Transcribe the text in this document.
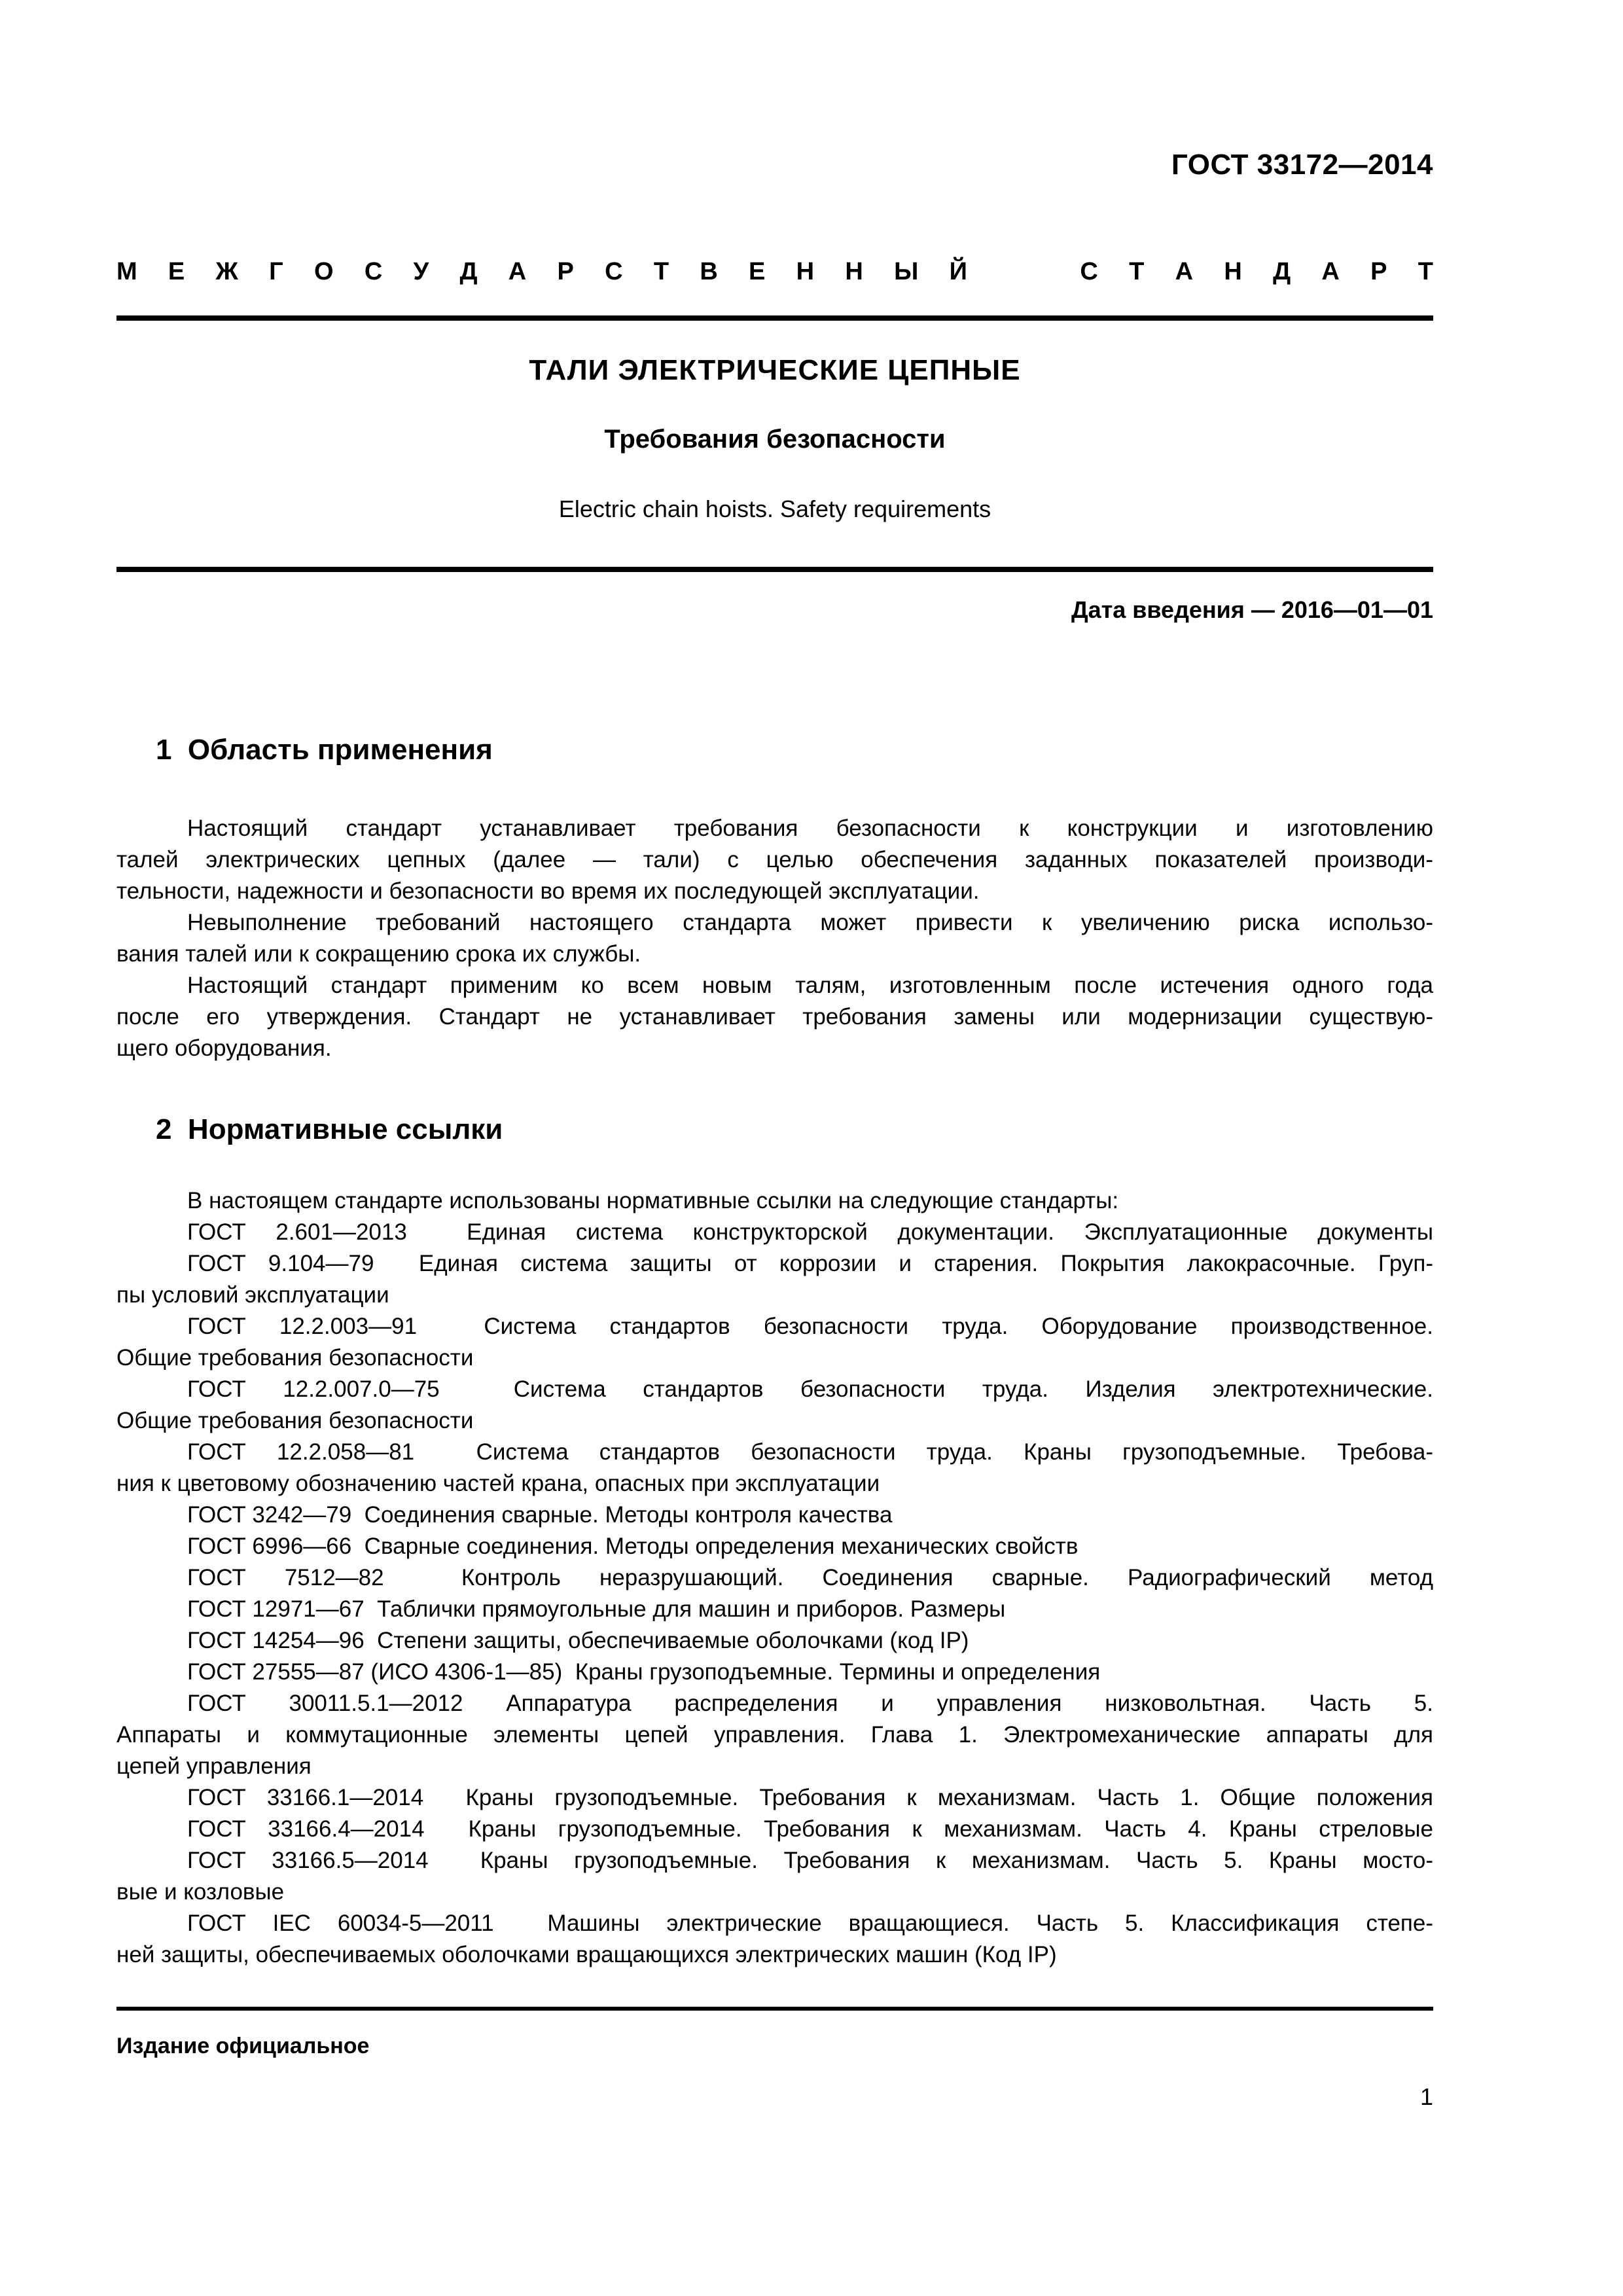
ГОСТ 33172—2014
М Е Ж Г О С У Д А Р С Т В Е Н Н Ы Й
	С Т А Н Д А Р Т
ТАЛИ ЭЛЕКТРИЧЕСКИЕ ЦЕПНЫЕ
Требования безопасности
Electric chain hoists. Safety requirements
Дата введения — 2016—01—01
1  Область применения
Настоящий стандарт устанавливает требования безопасности к конструкции и изготовлению
талей электрических цепных (далее — тали) с целью обеспечения заданных показателей производи-
тельности, надежности и безопасности во время их последующей эксплуатации.
Невыполнение требований настоящего стандарта может привести к увеличению риска использо-
вания талей или к сокращению срока их службы.
Настоящий стандарт применим ко всем новым талям, изготовленным после истечения одного года
после его утверждения. Стандарт не устанавливает требования замены или модернизации существую-
щего оборудования.
2  Нормативные ссылки
В настоящем стандарте использованы нормативные ссылки на следующие стандарты:
ГОСТ 2.601—2013  Единая система конструкторской документации. Эксплуатационные документы
ГОСТ 9.104—79  Единая система защиты от коррозии и старения. Покрытия лакокрасочные. Груп-
пы условий эксплуатации
ГОСТ 12.2.003—91  Система стандартов безопасности труда. Оборудование производственное.
Общие требования безопасности
ГОСТ 12.2.007.0—75  Система стандартов безопасности труда. Изделия электротехнические.
Общие требования безопасности
ГОСТ 12.2.058—81  Система стандартов безопасности труда. Краны грузоподъемные. Требова-
ния к цветовому обозначению частей крана, опасных при эксплуатации
ГОСТ 3242—79  Соединения сварные. Методы контроля качества
ГОСТ 6996—66  Сварные соединения. Методы определения механических свойств
ГОСТ 7512—82  Контроль неразрушающий. Соединения сварные. Радиографический метод
ГОСТ 12971—67  Таблички прямоугольные для машин и приборов. Размеры
ГОСТ 14254—96  Степени защиты, обеспечиваемые оболочками (код IP)
ГОСТ 27555—87 (ИСО 4306-1—85)  Краны грузоподъемные. Термины и определения
ГОСТ 30011.5.1—2012 Аппаратура распределения и управления низковольтная. Часть 5.
Аппараты и коммутационные элементы цепей управления. Глава 1. Электромеханические аппараты для
цепей управления
ГОСТ 33166.1—2014  Краны грузоподъемные. Требования к механизмам. Часть 1. Общие положения
ГОСТ 33166.4—2014  Краны грузоподъемные. Требования к механизмам. Часть 4. Краны стреловые
ГОСТ 33166.5—2014  Краны грузоподъемные. Требования к механизмам. Часть 5. Краны мосто-
вые и козловые
ГОСТ IEC 60034-5—2011  Машины электрические вращающиеся. Часть 5. Классификация степе-
ней защиты, обеспечиваемых оболочками вращающихся электрических машин (Код IP)
Издание официальное
1
